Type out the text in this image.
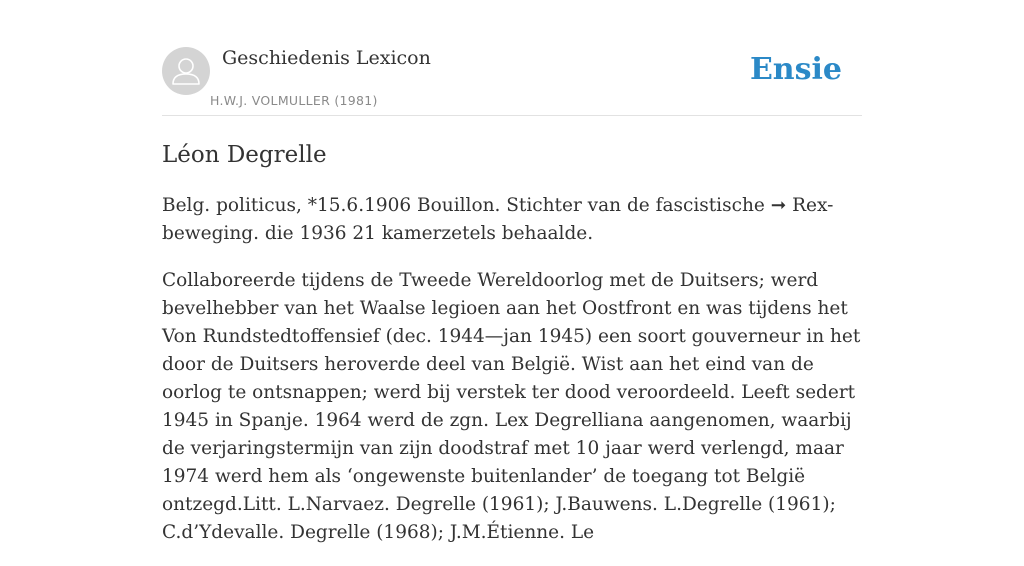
Geschiedenis Lexicon
H.W.J. VOLMULLER (1981)
Ensie
Léon Degrelle

Belg. politicus, *15.6.1906 Bouillon. Stichter van de fascistische ➞ Rex-beweging. die 1936 21 kamerzetels behaalde.

Collaboreerde tijdens de Tweede Wereldoorlog met de Duitsers; werd bevelhebber van het Waalse legioen aan het Oostfront en was tijdens het Von Rundstedtoffensief (dec. 1944—jan 1945) een soort gouverneur in het door de Duitsers heroverde deel van België. Wist aan het eind van de oorlog te ontsnappen; werd bij verstek ter dood veroordeeld. Leeft sedert 1945 in Spanje. 1964 werd de zgn. Lex Degrelliana aangenomen, waarbij de verjaringstermijn van zijn doodstraf met 10 jaar werd verlengd, maar 1974 werd hem als ‘ongewenste buitenlander’ de toegang tot België ontzegd.Litt. L.Narvaez. Degrelle (1961); J.Bauwens. L.Degrelle (1961); C.d’Ydevalle. Degrelle (1968); J.M.Étienne. Le
